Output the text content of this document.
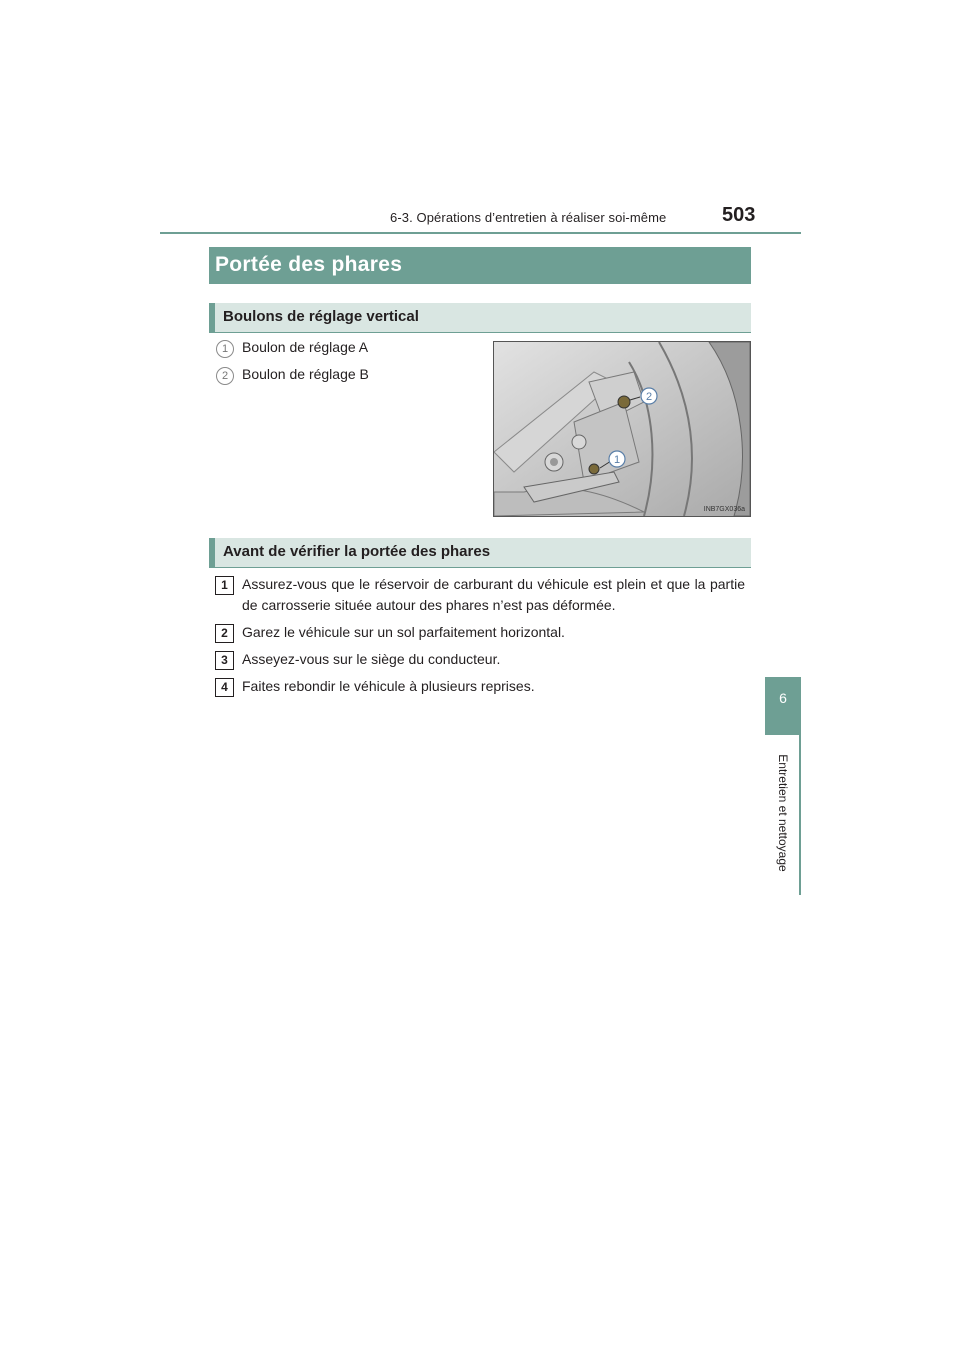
6-3. Opérations d’entretien à réaliser soi-même	503
6
Entretien et nettoyage
Portée des phares
Boulons de réglage vertical
1 Boulon de réglage A
2 Boulon de réglage B
1
2
INB7GX036a
Avant de vérifier la portée des phares
1	Assurez-vous que le réservoir de carburant du véhicule est plein et que la partie de carrosserie située autour des phares n’est pas déformée.
2	Garez le véhicule sur un sol parfaitement horizontal.
3	Asseyez-vous sur le siège du conducteur.
4	Faites rebondir le véhicule à plusieurs reprises.
